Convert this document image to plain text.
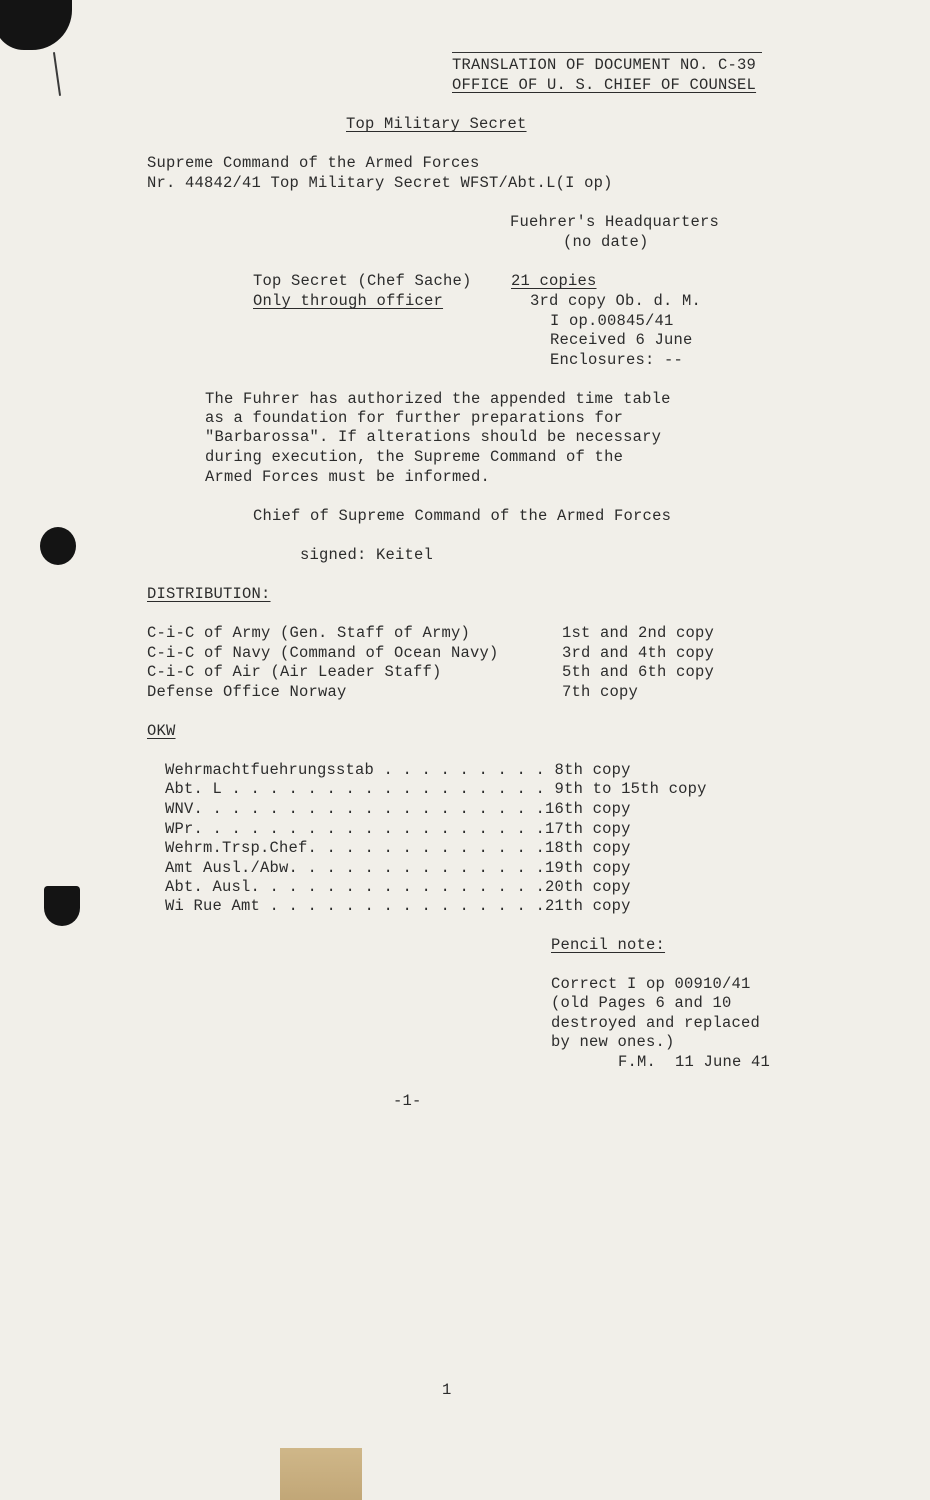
TRANSLATION OF DOCUMENT NO. C-39
OFFICE OF U. S. CHIEF OF COUNSEL
Top Military Secret
Supreme Command of the Armed Forces
Nr. 44842/41 Top Military Secret WFST/Abt.L(I op)
Fuehrer's Headquarters
(no date)
Top Secret (Chef Sache)
Only through officer
21 copies
3rd copy Ob. d. M.
I op.00845/41
Received 6 June
Enclosures: --
The Fuhrer has authorized the appended time table
as a foundation for further preparations for
"Barbarossa". If alterations should be necessary
during execution, the Supreme Command of the
Armed Forces must be informed.
Chief of Supreme Command of the Armed Forces
signed: Keitel
DISTRIBUTION:
C-i-C of Army (Gen. Staff of Army)	1st and 2nd copy
C-i-C of Navy (Command of Ocean Navy)	3rd and 4th copy
C-i-C of Air (Air Leader Staff)	5th and 6th copy
Defense Office Norway	7th copy
OKW
Wehrmachtfuehrungsstab . . . . . . . . . 8th copy
Abt. L . . . . . . . . . . . . . . . . . 9th to 15th copy
WNV. . . . . . . . . . . . . . . . . . .16th copy
WPr. . . . . . . . . . . . . . . . . . .17th copy
Wehrm.Trsp.Chef. . . . . . . . . . . . .18th copy
Amt Ausl./Abw. . . . . . . . . . . . . .19th copy
Abt. Ausl. . . . . . . . . . . . . . . .20th copy
Wi Rue Amt . . . . . . . . . . . . . . .21th copy
Pencil note:
Correct I op 00910/41
(old Pages 6 and 10
destroyed and replaced
by new ones.)
F.M.  11 June 41
-1-
1
